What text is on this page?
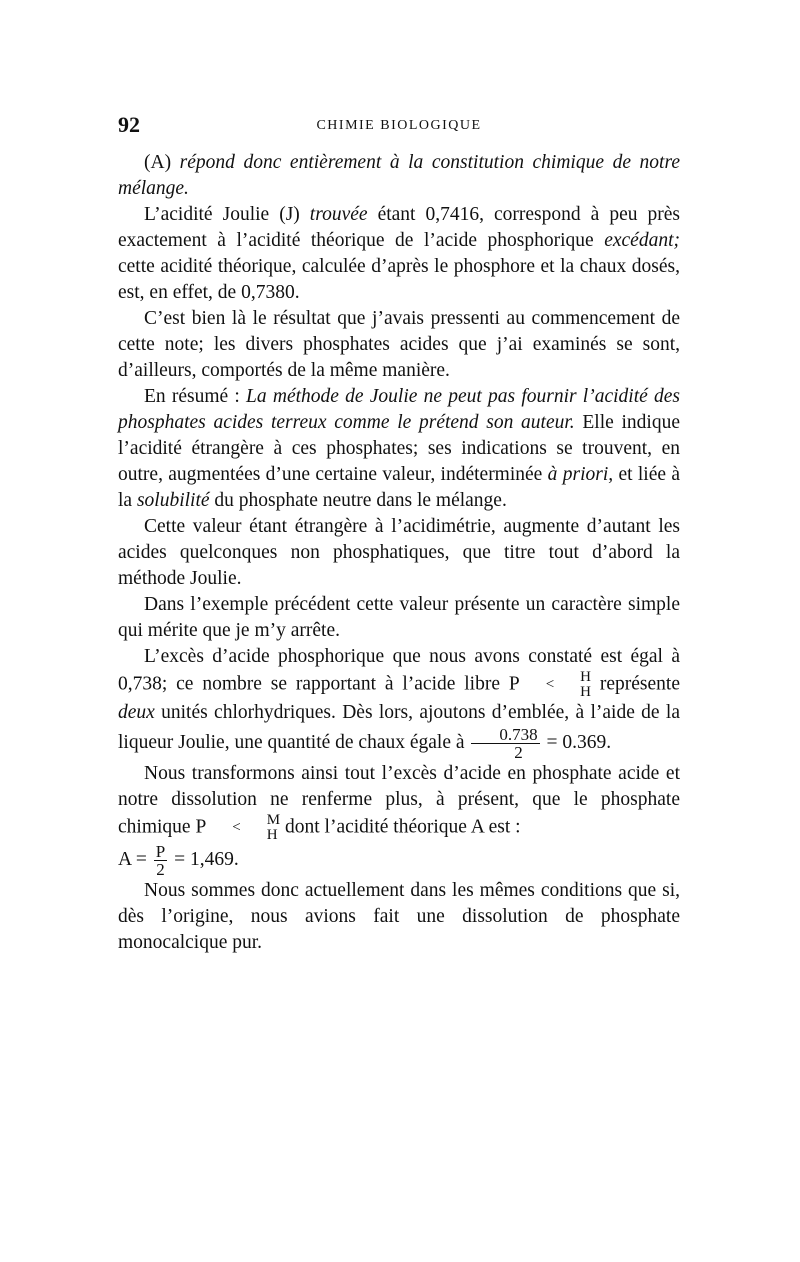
92	CHIMIE BIOLOGIQUE

(A) répond donc entièrement à la constitution chimique de notre mélange.

L’acidité Joulie (J) trouvée étant 0,7416, correspond à peu près exactement à l’acidité théorique de l’acide phosphorique excédant; cette acidité théorique, calculée d’après le phosphore et la chaux dosés, est, en effet, de 0,7380.

C’est bien là le résultat que j’avais pressenti au commencement de cette note; les divers phosphates acides que j’ai examinés se sont, d’ailleurs, comportés de la même manière.

En résumé : La méthode de Joulie ne peut pas fournir l’acidité des phosphates acides terreux comme le prétend son auteur. Elle indique l’acidité étrangère à ces phosphates; ses indications se trouvent, en outre, augmentées d’une certaine valeur, indéterminée à priori, et liée à la solubilité du phosphate neutre dans le mélange.

Cette valeur étant étrangère à l’acidimétrie, augmente d’autant les acides quelconques non phosphatiques, que titre tout d’abord la méthode Joulie.

Dans l’exemple précédent cette valeur présente un caractère simple qui mérite que je m’y arrête.

L’excès d’acide phosphorique que nous avons constaté est égal à 0,738; ce nombre se rapportant à l’acide libre P <	H
H représente deux unités chlorhydriques. Dès lors, ajoutons d’emblée, à l’aide de la liqueur Joulie, une quantité de chaux égale à $\frac{0.738}{2} = 0.369$.

Nous transformons ainsi tout l’excès d’acide en phosphate acide et notre dissolution ne renferme plus, à présent, que le phosphate chimique P <	M
H dont l’acidité théorique A est :

$A = \frac{P}{2} = 1,469$.

Nous sommes donc actuellement dans les mêmes conditions que si, dès l’origine, nous avions fait une dissolution de phosphate monocalcique pur.
